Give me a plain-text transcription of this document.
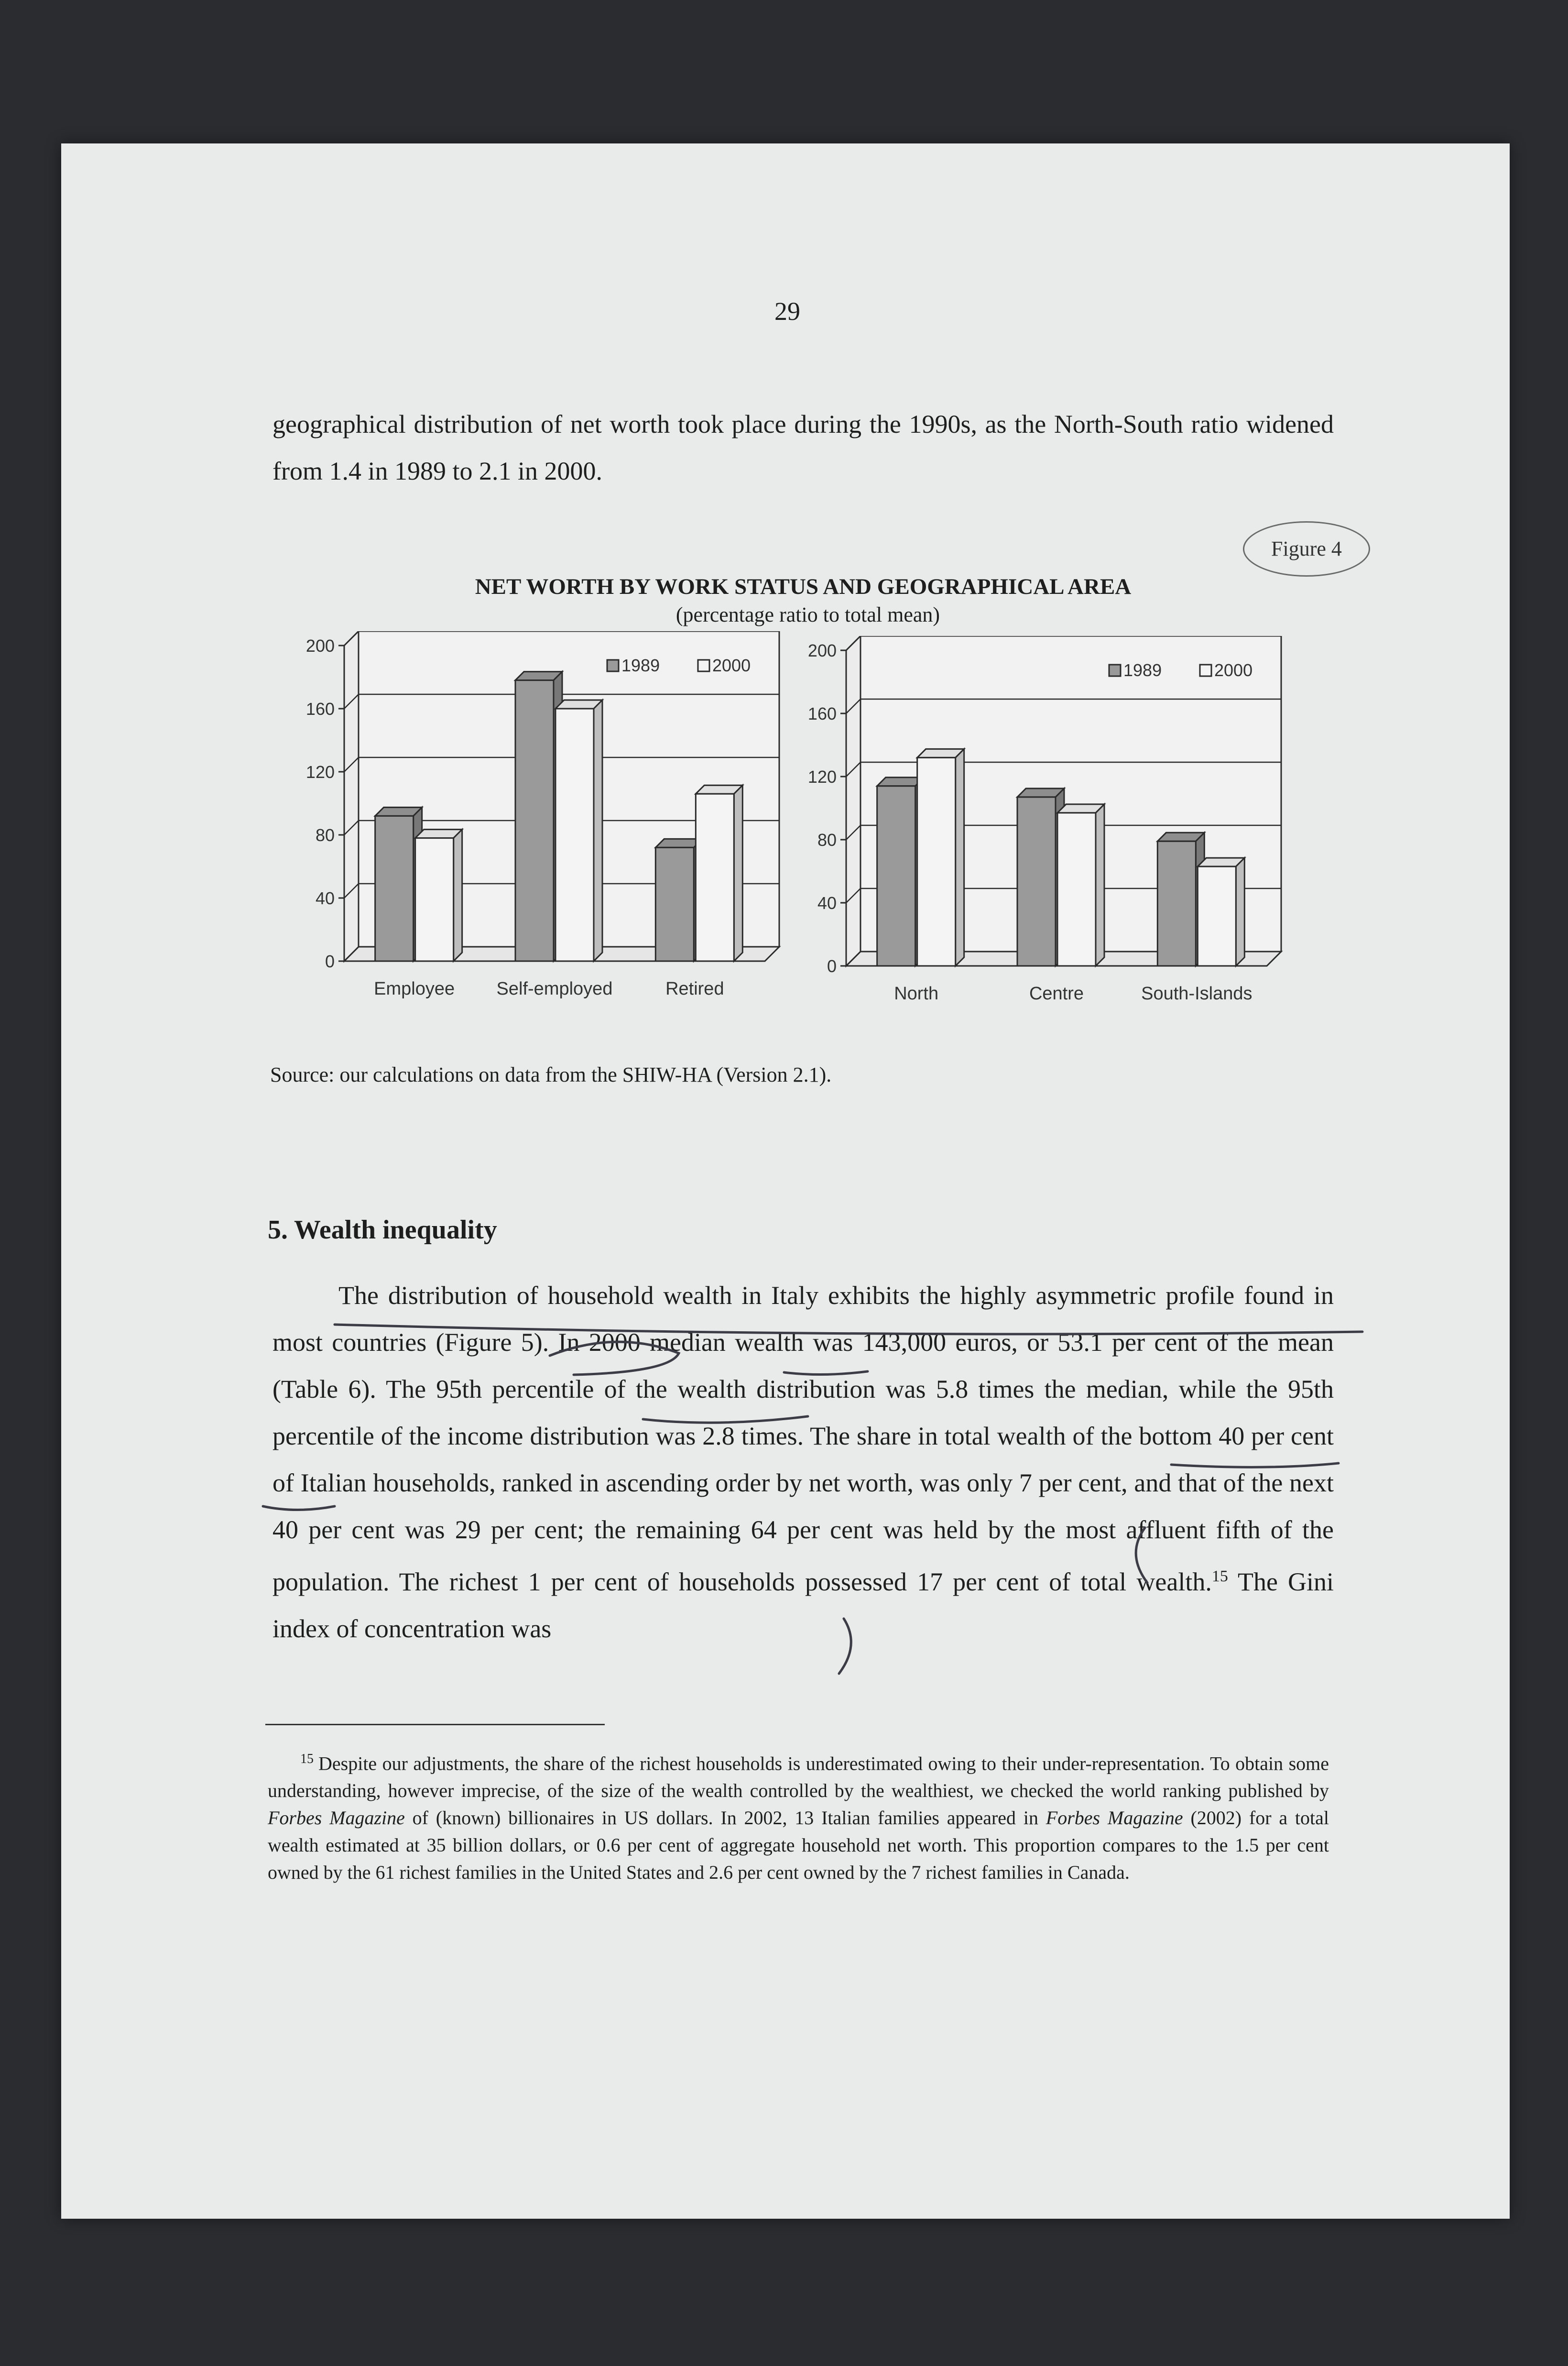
29
geographical distribution of net worth took place during the 1990s, as the North-South ratio widened from 1.4 in 1989 to 2.1 in 2000.
Figure 4
NET WORTH BY WORK STATUS AND GEOGRAPHICAL AREA
(percentage ratio to total mean)
0
40
80
120
160
200
Employee Self-employed	Retired
1989	2000
0
40
80
120
160
200
North	Centre	South-Islands
1989	2000
Source: our calculations on data from the SHIW-HA (Version 2.1).
5. Wealth inequality
The distribution of household wealth in Italy exhibits the highly asymmetric profile found in most countries (Figure 5). In 2000 median wealth was 143,000 euros, or 53.1 per cent of the mean (Table 6). The 95th percentile of the wealth distribution was 5.8 times the median, while the 95th percentile of the income distribution was 2.8 times. The share in total wealth of the bottom 40 per cent of Italian households, ranked in ascending order by net worth, was only 7 per cent, and that of the next 40 per cent was 29 per cent; the remaining 64 per cent was held by the most affluent fifth of the population. The richest 1 per cent of households possessed 17 per cent of total wealth.$^{15}$ The Gini index of concentration was
$^{15}$ Despite our adjustments, the share of the richest households is underestimated owing to their under-representation. To obtain some understanding, however imprecise, of the size of the wealth controlled by the wealthiest, we checked the world ranking published by Forbes Magazine of (known) billionaires in US dollars. In 2002, 13 Italian families appeared in Forbes Magazine (2002) for a total wealth estimated at 35 billion dollars, or 0.6 per cent of aggregate household net worth. This proportion compares to the 1.5 per cent owned by the 61 richest families in the United States and 2.6 per cent owned by the 7 richest families in Canada.
